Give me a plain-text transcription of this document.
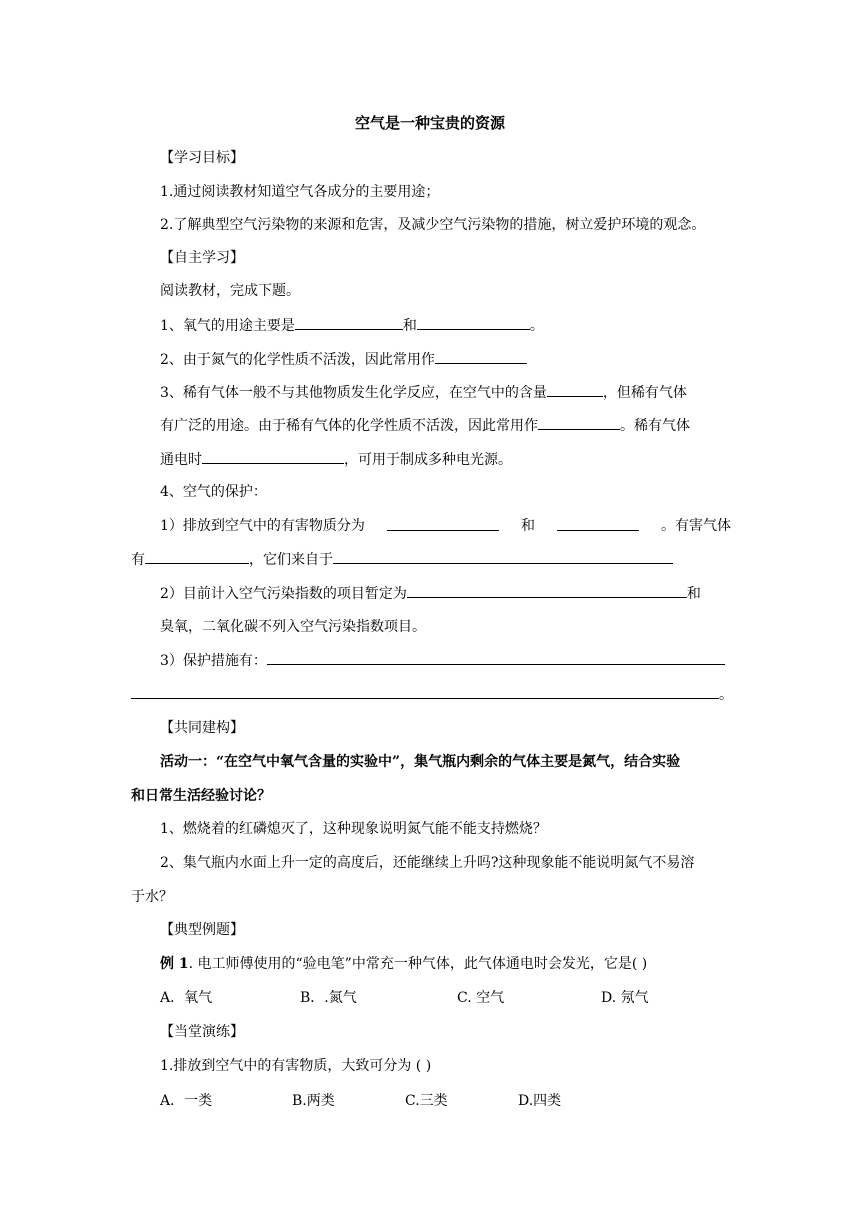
空气是一种宝贵的资源
【学习目标】
1.通过阅读教材知道空气各成分的主要用途；
2.了解典型空气污染物的来源和危害，及减少空气污染物的措施，树立爱护环境的观念。
【自主学习】
阅读教材，完成下题。
1、氧气的用途主要是	和	。
2、由于氮气的化学性质不活泼，因此常用作
3、稀有气体一般不与其他物质发生化学反应，在空气中的含量	，但稀有气体
有广泛的用途。由于稀有气体的化学性质不活泼，因此常用作	。稀有气体
通电时	，可用于制成多种电光源。
4、空气的保护：
1）排放到空气中的有害物质分为	和	。有害气体
有	，它们来自于
2）目前计入空气污染指数的项目暂定为	和
臭氧，二氧化碳不列入空气污染指数项目。
3）保护措施有：
。
【共同建构】
活动一：“在空气中氧气含量的实验中”，集气瓶内剩余的气体主要是氮气，结合实验
和日常生活经验讨论？
1、燃烧着的红磷熄灭了，这种现象说明氮气能不能支持燃烧？
2、集气瓶内水面上升一定的高度后，还能继续上升吗?这种现象能不能说明氮气不易溶
于水？
【典型例题】
例 1. 电工师傅使用的“验电笔”中常充一种气体，此气体通电时会发光，它是( )
A．氧气	B．.氮气	C. 空气	D. 氖气
【当堂演练】
1.排放到空气中的有害物质，大致可分为 ( )
A．一类	B.两类	C.三类	D.四类
